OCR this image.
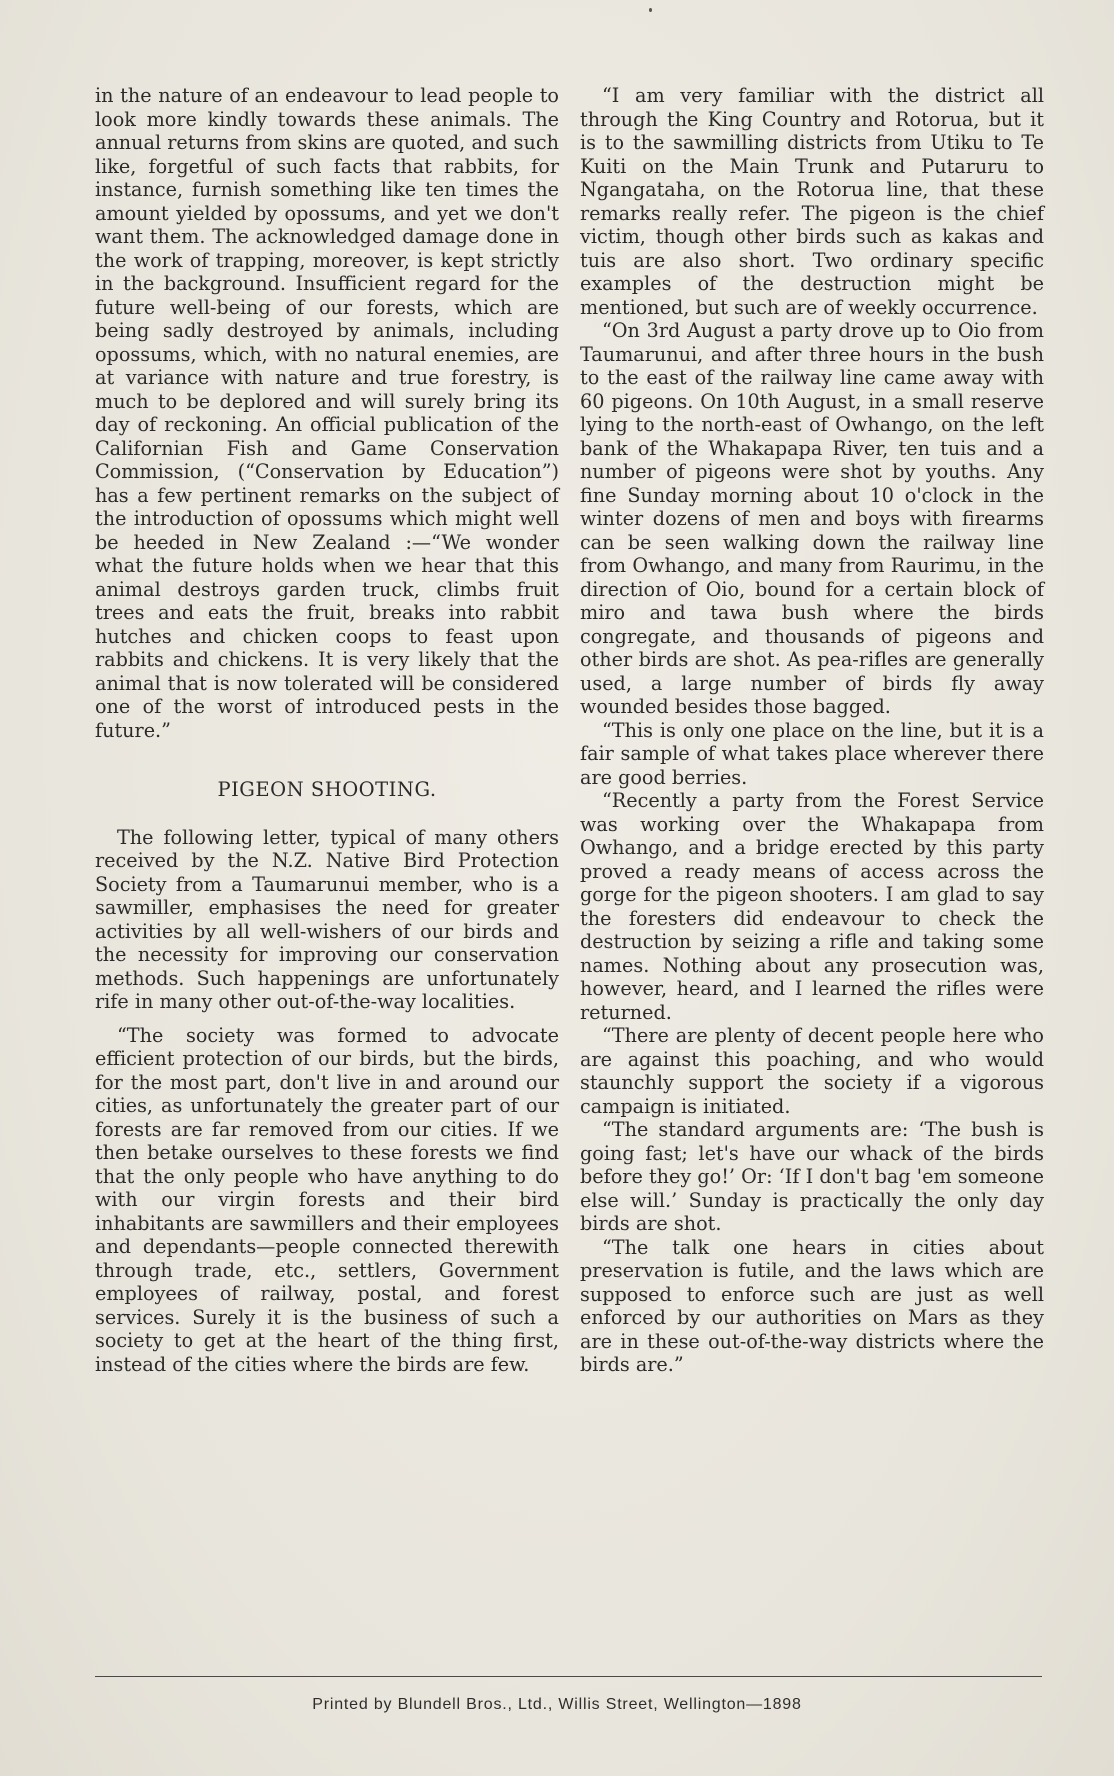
in the nature of an endeavour to lead people to look more kindly towards these animals. The annual returns from skins are quoted, and such like, forgetful of such facts that rabbits, for instance, furnish something like ten times the amount yielded by opossums, and yet we don't want them. The acknowledged damage done in the work of trapping, moreover, is kept strictly in the background. Insufficient regard for the future well-being of our forests, which are being sadly destroyed by animals, including opossums, which, with no natural enemies, are at variance with nature and true forestry, is much to be deplored and will surely bring its day of reckoning. An official publication of the Californian Fish and Game Conservation Commission, (“Conservation by Education”) has a few pertinent remarks on the subject of the introduction of opossums which might well be heeded in New Zealand :—“We wonder what the future holds when we hear that this animal destroys garden truck, climbs fruit trees and eats the fruit, breaks into rabbit hutches and chicken coops to feast upon rabbits and chickens. It is very likely that the animal that is now tolerated will be considered one of the worst of introduced pests in the future.”

PIGEON SHOOTING.

The following letter, typical of many others received by the N.Z. Native Bird Protection Society from a Taumarunui member, who is a sawmiller, emphasises the need for greater activities by all well-wishers of our birds and the necessity for improving our conservation methods. Such happenings are unfortunately rife in many other out-of-the-way localities.

“The society was formed to advocate efficient protection of our birds, but the birds, for the most part, don't live in and around our cities, as unfortunately the greater part of our forests are far removed from our cities. If we then betake ourselves to these forests we find that the only people who have anything to do with our virgin forests and their bird inhabitants are sawmillers and their employees and dependants—people connected therewith through trade, etc., settlers, Government employees of railway, postal, and forest services. Surely it is the business of such a society to get at the heart of the thing first, instead of the cities where the birds are few.

“I am very familiar with the district all through the King Country and Rotorua, but it is to the sawmilling districts from Utiku to Te Kuiti on the Main Trunk and Putaruru to Ngangataha, on the Rotorua line, that these remarks really refer. The pigeon is the chief victim, though other birds such as kakas and tuis are also short. Two ordinary specific examples of the destruction might be mentioned, but such are of weekly occurrence.

“On 3rd August a party drove up to Oio from Taumarunui, and after three hours in the bush to the east of the railway line came away with 60 pigeons. On 10th August, in a small reserve lying to the north-east of Owhango, on the left bank of the Whakapapa River, ten tuis and a number of pigeons were shot by youths. Any fine Sunday morning about 10 o'clock in the winter dozens of men and boys with firearms can be seen walking down the railway line from Owhango, and many from Raurimu, in the direction of Oio, bound for a certain block of miro and tawa bush where the birds congregate, and thousands of pigeons and other birds are shot. As pea-rifles are generally used, a large number of birds fly away wounded besides those bagged.

“This is only one place on the line, but it is a fair sample of what takes place wherever there are good berries.

“Recently a party from the Forest Service was working over the Whakapapa from Owhango, and a bridge erected by this party proved a ready means of access across the gorge for the pigeon shooters. I am glad to say the foresters did endeavour to check the destruction by seizing a rifle and taking some names. Nothing about any prosecution was, however, heard, and I learned the rifles were returned.

“There are plenty of decent people here who are against this poaching, and who would staunchly support the society if a vigorous campaign is initiated.

“The standard arguments are: ‘The bush is going fast; let's have our whack of the birds before they go!’ Or: ‘If I don't bag 'em someone else will.’ Sunday is practically the only day birds are shot.

“The talk one hears in cities about preservation is futile, and the laws which are supposed to enforce such are just as well enforced by our authorities on Mars as they are in these out-of-the-way districts where the birds are.”

Printed by Blundell Bros., Ltd., Willis Street, Wellington—1898
